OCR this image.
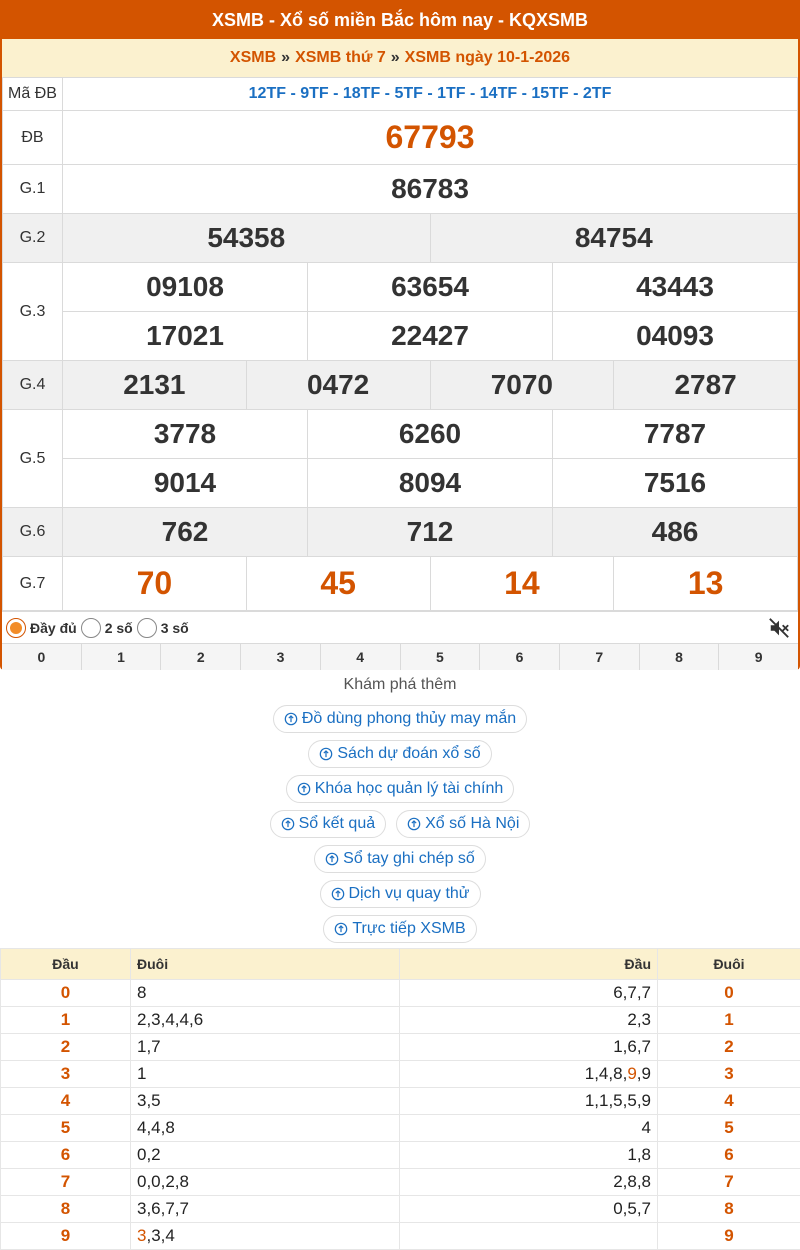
XSMB - Xổ số miền Bắc hôm nay - KQXSMB
XSMB » XSMB thứ 7 » XSMB ngày 10-1-2026
Mã ĐB	12TF - 9TF - 18TF - 5TF - 1TF - 14TF - 15TF - 2TF					
ĐB	67793					
G.1	86783					
G.2	54358			84754		
G.3	09108		63654		43443	
	17021		22427		04093	
G.4	2131	0472		7070		2787
G.5	3778		6260		7787	
	9014		8094		7516	
G.6	762		712		486	
G.7	70	45		14		13
Đầy đủ 2 số 3 số
0	1	2	3	4	5	6	7	8	9
Khám phá thêm
Đồ dùng phong thủy may mắn
Sách dự đoán xổ số
Khóa học quản lý tài chính
Sổ kết quả	Xổ số Hà Nội
Sổ tay ghi chép số
Dịch vụ quay thử
Trực tiếp XSMB
Đầu	Đuôi	Đầu	Đuôi
0	8	6,7,7	0
1	2,3,4,4,6	2,3	1
2	1,7	1,6,7	2
3	1	1,4,8,9,9	3
4	3,5	1,1,5,5,9	4
5	4,4,8	4	5
6	0,2	1,8	6
7	0,0,2,8	2,8,8	7
8	3,6,7,7	0,5,7	8
9	3,3,4		9
